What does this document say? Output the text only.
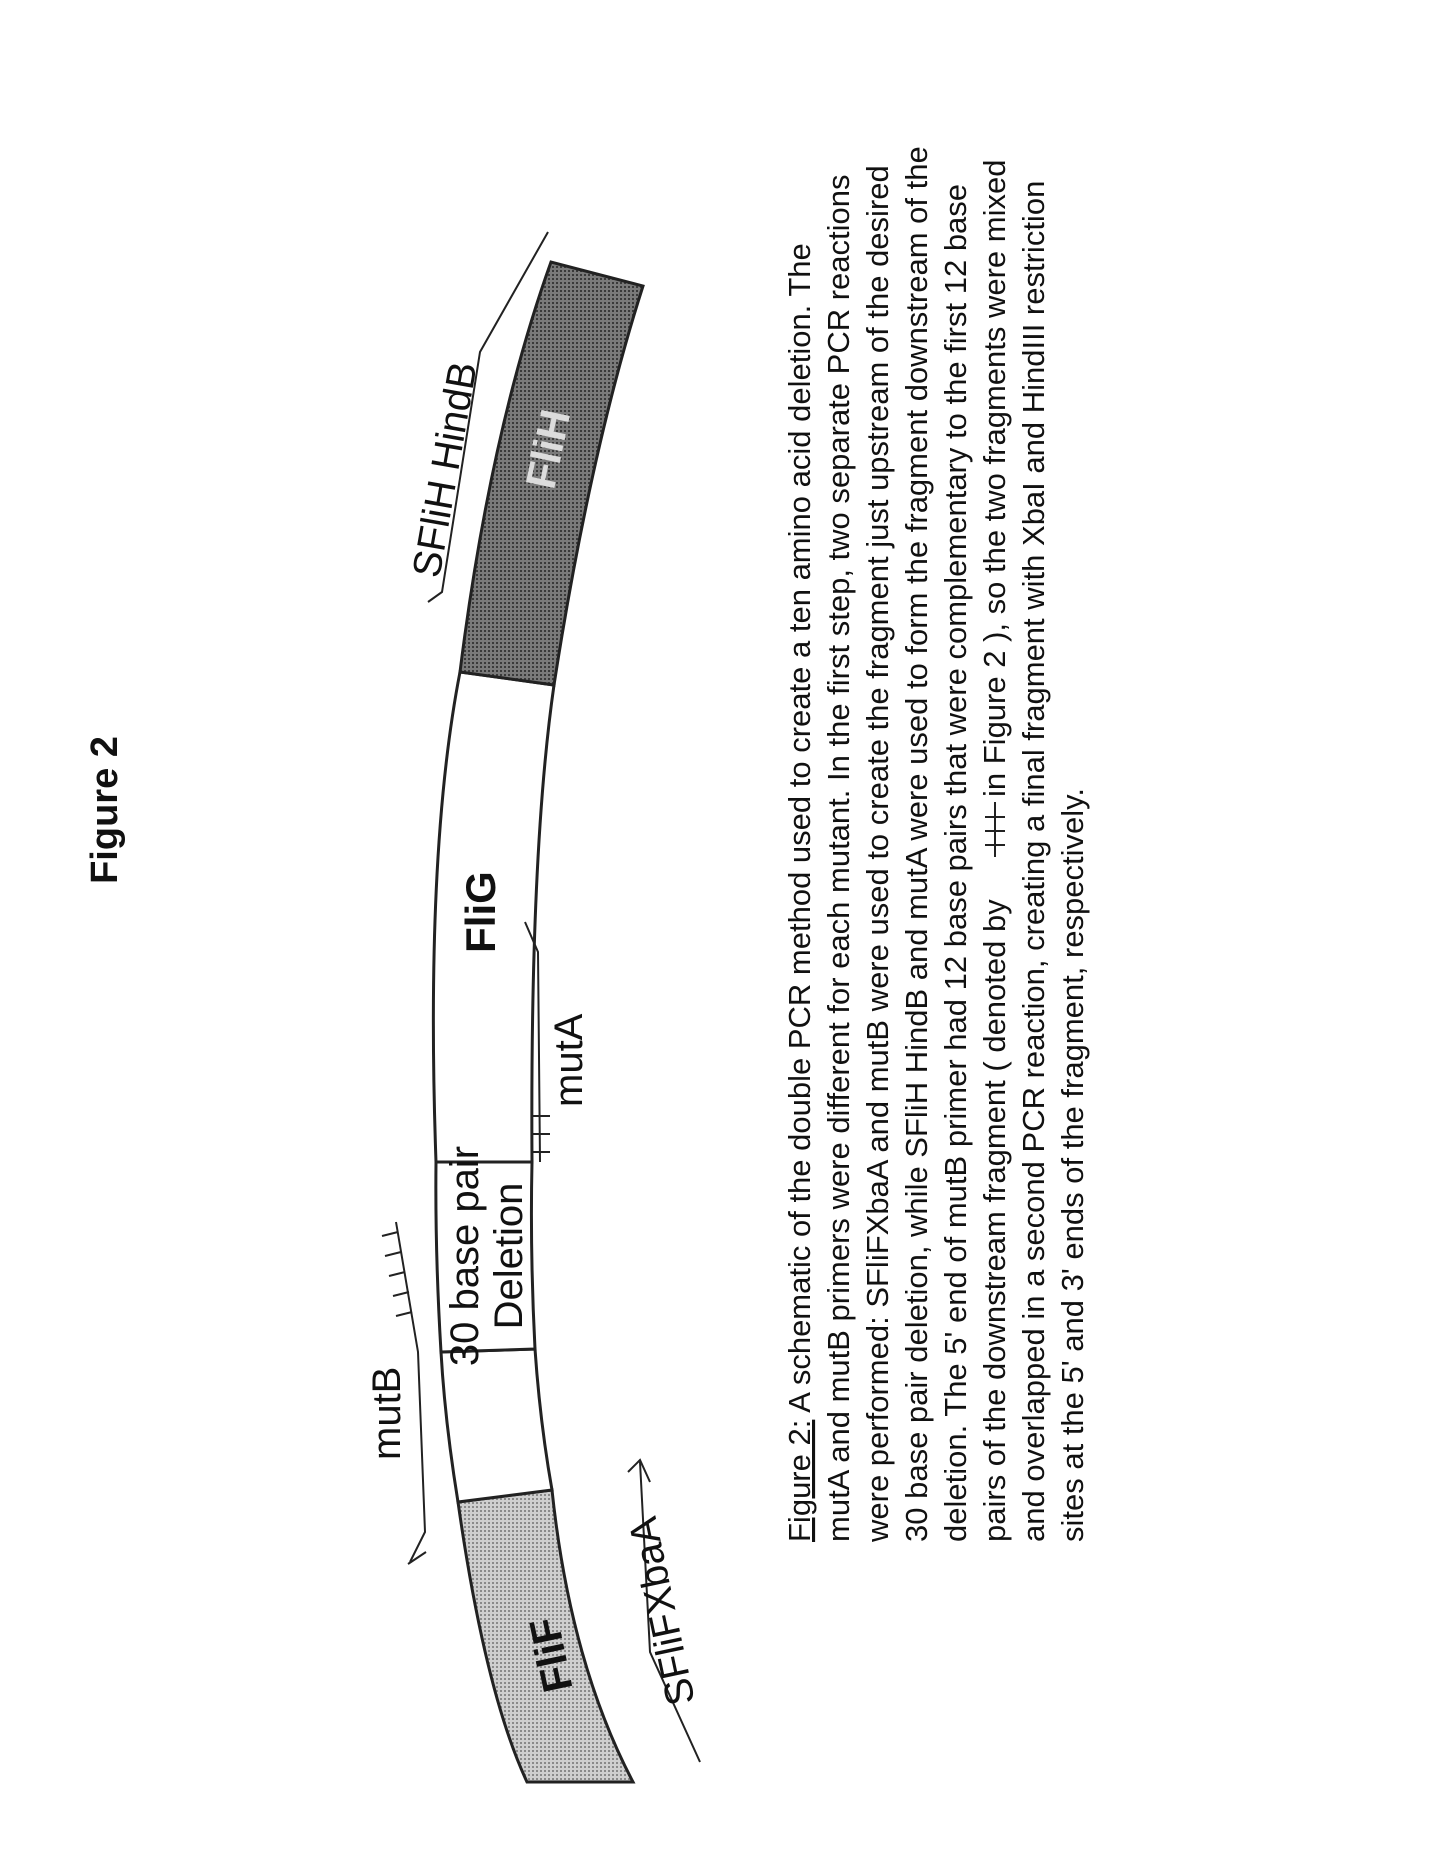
Figure 2
FliF
30 base pair Deletion
FliG
FliH
SFliFXbaA
mutB
mutA
SFliH HindB
Figure 2: A schematic of the double PCR method used to create a ten amino acid deletion. The mutA and mutB primers were different for each mutant. In the first step, two separate PCR reactions were performed: SFliFXbaA and mutB were used to create the fragment just upstream of the desired 30 base pair deletion, while SFliH HindB and mutA were used to form the fragment downstream of the deletion. The 5' end of mutB primer had 12 base pairs that were complementary to the first 12 base pairs of the downstream fragment ( denoted by
in Figure 2 ), so the two fragments were mixed and overlapped in a second PCR reaction, creating a final fragment with XbaI and HindIII restriction sites at the 5' and 3' ends of the fragment, respectively.
